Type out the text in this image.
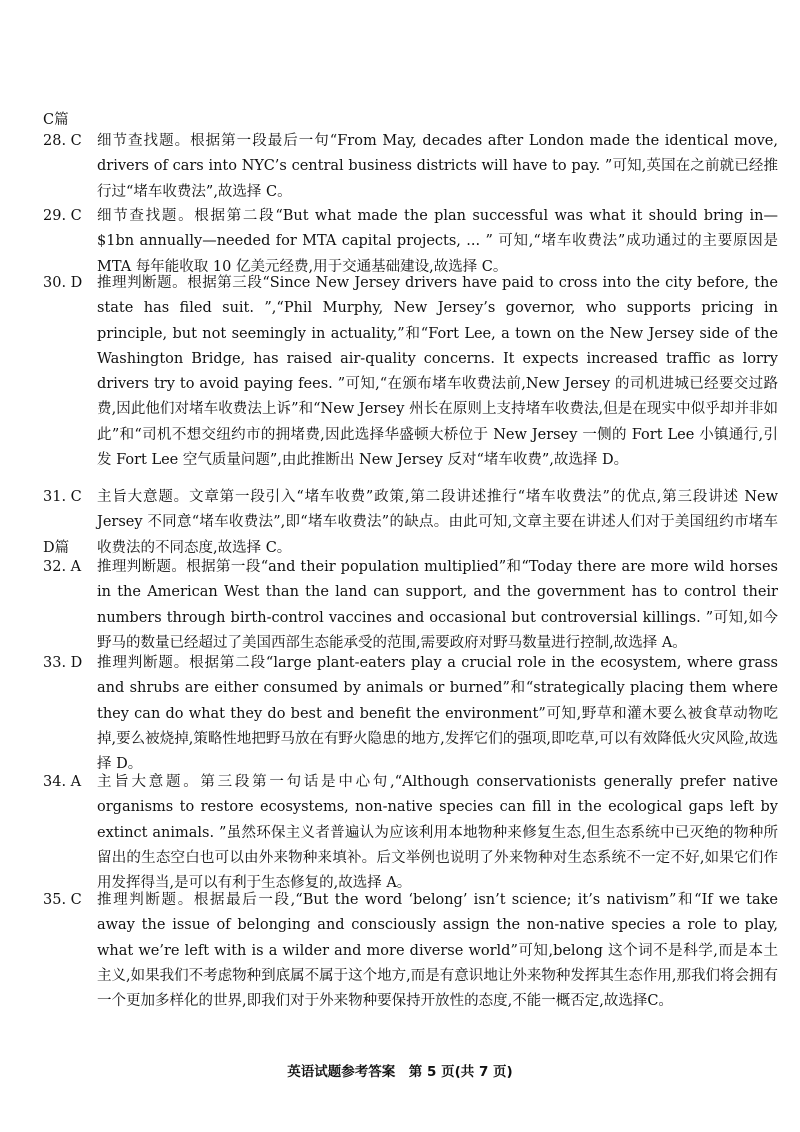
C篇
28. C 细节查找题。根据第一段最后一句“From May, decades after London made the identical move, drivers of cars into NYC’s central business districts will have to pay. ”可知,英国在之前就已经推行过“堵车收费法”,故选择 C。
29. C 细节查找题。根据第二段“But what made the plan successful was what it should bring in— $1bn annually—needed for MTA capital projects, ... ” 可知,“堵车收费法”成功通过的主要原因是 MTA 每年能收取 10 亿美元经费,用于交通基础建设,故选择 C。
30. D 推理判断题。根据第三段“Since New Jersey drivers have paid to cross into the city before, the state has filed suit. ”,“Phil Murphy, New Jersey’s governor, who supports pricing in principle, but not seemingly in actuality,”和“Fort Lee, a town on the New Jersey side of the Washington Bridge, has raised air-quality concerns. It expects increased traffic as lorry drivers try to avoid paying fees. ”可知,“在颁布堵车收费法前,New Jersey 的司机进城已经要交过路费,因此他们对堵车收费法上诉”和“New Jersey 州长在原则上支持堵车收费法,但是在现实中似乎却并非如此”和“司机不想交纽约市的拥堵费,因此选择华盛顿大桥位于 New Jersey 一侧的 Fort Lee 小镇通行,引发 Fort Lee 空气质量问题”,由此推断出 New Jersey 反对“堵车收费”,故选择 D。
31. C 主旨大意题。文章第一段引入“堵车收费”政策,第二段讲述推行“堵车收费法”的优点,第三段讲述 New Jersey 不同意“堵车收费法”,即“堵车收费法”的缺点。由此可知,文章主要在讲述人们对于美国纽约市堵车收费法的不同态度,故选择 C。
D篇
32. A 推理判断题。根据第一段“and their population multiplied”和“Today there are more wild horses in the American West than the land can support, and the government has to control their numbers through birth-control vaccines and occasional but controversial killings. ”可知,如今野马的数量已经超过了美国西部生态能承受的范围,需要政府对野马数量进行控制,故选择 A。
33. D 推理判断题。根据第二段“large plant-eaters play a crucial role in the ecosystem, where grass and shrubs are either consumed by animals or burned”和“strategically placing them where they can do what they do best and benefit the environment”可知,野草和灌木要么被食草动物吃掉,要么被烧掉,策略性地把野马放在有野火隐患的地方,发挥它们的强项,即吃草,可以有效降低火灾风险,故选择 D。
34. A 主旨大意题。第三段第一句话是中心句,“Although conservationists generally prefer native organisms to restore ecosystems, non-native species can fill in the ecological gaps left by extinct animals. ”虽然环保主义者普遍认为应该利用本地物种来修复生态,但生态系统中已灭绝的物种所留出的生态空白也可以由外来物种来填补。后文举例也说明了外来物种对生态系统不一定不好,如果它们作用发挥得当,是可以有利于生态修复的,故选择 A。
35. C 推理判断题。根据最后一段,“But the word ‘belong’ isn’t science; it’s nativism”和“If we take away the issue of belonging and consciously assign the non-native species a role to play, what we’re left with is a wilder and more diverse world”可知,belong 这个词不是科学,而是本土主义,如果我们不考虑物种到底属不属于这个地方,而是有意识地让外来物种发挥其生态作用,那我们将会拥有一个更加多样化的世界,即我们对于外来物种要保持开放性的态度,不能一概否定,故选择C。
英语试题参考答案　第 5 页(共 7 页)
